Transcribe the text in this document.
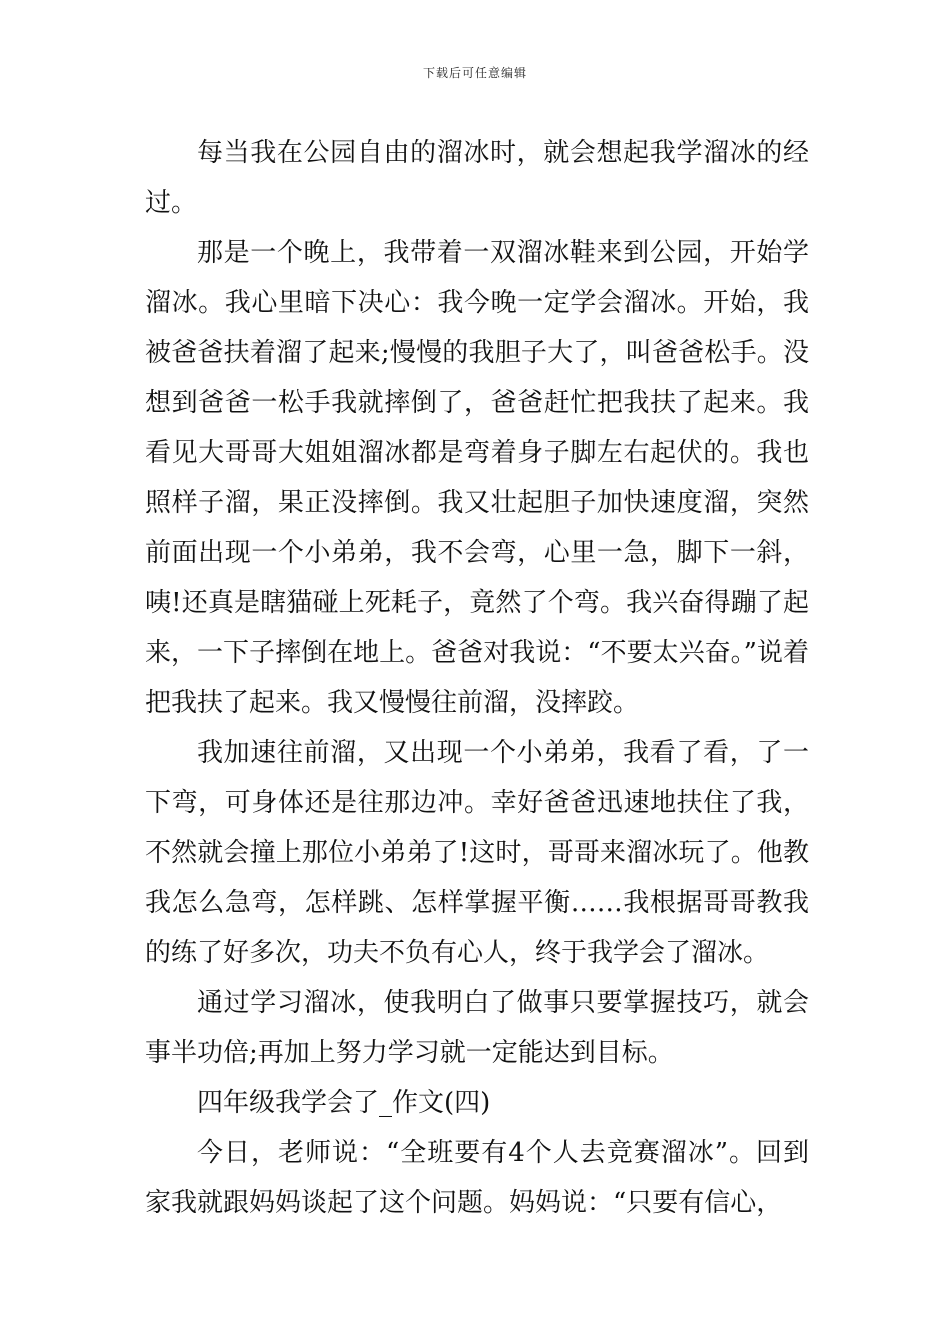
下载后可任意编辑

每当我在公园自由的溜冰时，就会想起我学溜冰的经过。

那是一个晚上，我带着一双溜冰鞋来到公园，开始学溜冰。我心里暗下决心：我今晚一定学会溜冰。开始，我被爸爸扶着溜了起来;慢慢的我胆子大了，叫爸爸松手。没想到爸爸一松手我就摔倒了，爸爸赶忙把我扶了起来。我看见大哥哥大姐姐溜冰都是弯着身子脚左右起伏的。我也照样子溜，果正没摔倒。我又壮起胆子加快速度溜，突然前面出现一个小弟弟，我不会弯，心里一急，脚下一斜，咦!还真是瞎猫碰上死耗子，竟然了个弯。我兴奋得蹦了起来，一下子摔倒在地上。爸爸对我说：“不要太兴奋。”说着把我扶了起来。我又慢慢往前溜，没摔跤。

我加速往前溜，又出现一个小弟弟，我看了看，了一下弯，可身体还是往那边冲。幸好爸爸迅速地扶住了我，不然就会撞上那位小弟弟了!这时，哥哥来溜冰玩了。他教我怎么急弯，怎样跳、怎样掌握平衡……我根据哥哥教我的练了好多次，功夫不负有心人，终于我学会了溜冰。

通过学习溜冰，使我明白了做事只要掌握技巧，就会事半功倍;再加上努力学习就一定能达到目标。

四年级我学会了_作文(四)

今日，老师说：“全班要有4个人去竞赛溜冰”。回到家我就跟妈妈谈起了这个问题。妈妈说：“只要有信心，
